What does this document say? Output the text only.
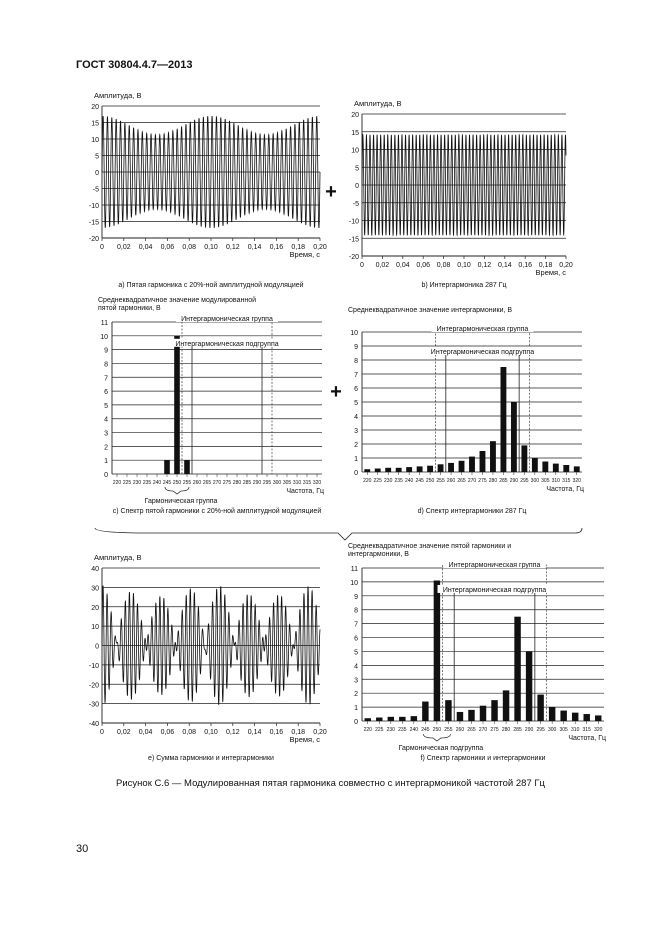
ГОСТ 30804.4.7—2013
20
15
10
5
0
-5
-10
-15
-20
0 0,02 0,04 0,06 0,08 0,10 0,12 0,14 0,16 0,18 0,20
Амплитуда, В
Время, с
а) Пятая гармоника с 20%-ной амплитудной модуляцией
20
15
10
5
0
-5
-10
-15
-20
0 0,02 0,04 0,06 0,08 0,10 0,12 0,14 0,16 0,18 0,20
Амплитуда, В
Время, с
b) Интергармоника 287 Гц
11
10
9
8
7
6
5
4
3
2
1
0
220 225 230 235 240 245 250 255 260 265 270 275 280 285 290 295 300 305 310 315 320
Частота, Гц
Среднеквадратичное значение модулированной
пятой гармоники, В
c) Спектр пятой гармоники с 20%-ной амплитудной модуляцией
Интергармоническая группа
Интергармоническая подгруппа
Гармоническая группа
10
9
8
7
6
5
4
3
2
1
0
220 225 230 235 240 245 250 255 260 265 270 275 280 285 290 295 300 305 310 315 320
Частота, Гц
Среднеквадратичное значение интергармоники, В
d) Спектр интергармоники 287 Гц
Интергармоническая группа
Интергармоническая подгруппа
40
30
20
10
0
-10
-20
-30
-40
0 0,02 0,04 0,06 0,08 0,10 0,12 0,14 0,16 0,18 0,20
Амплитуда, В
Время, с
е) Сумма гармоники и интергармоники
11
10
9
8
7
6
5
4
3
2
1
0
220 225 230 235 240 245 250 255 260 265 270 275 280 285 290 295 300 305 310 315 320
Частота, Гц
Среднеквадратичное значение пятой гармоники и
интергармоники, В
f) Спектр гармоники и интергармоники
Интергармоническая группа
Интергармоническая подгруппа
Гармоническая подгруппа
+
+
Рисунок С.6 — Модулированная пятая гармоника совместно с интергармоникой частотой 287 Гц
30
